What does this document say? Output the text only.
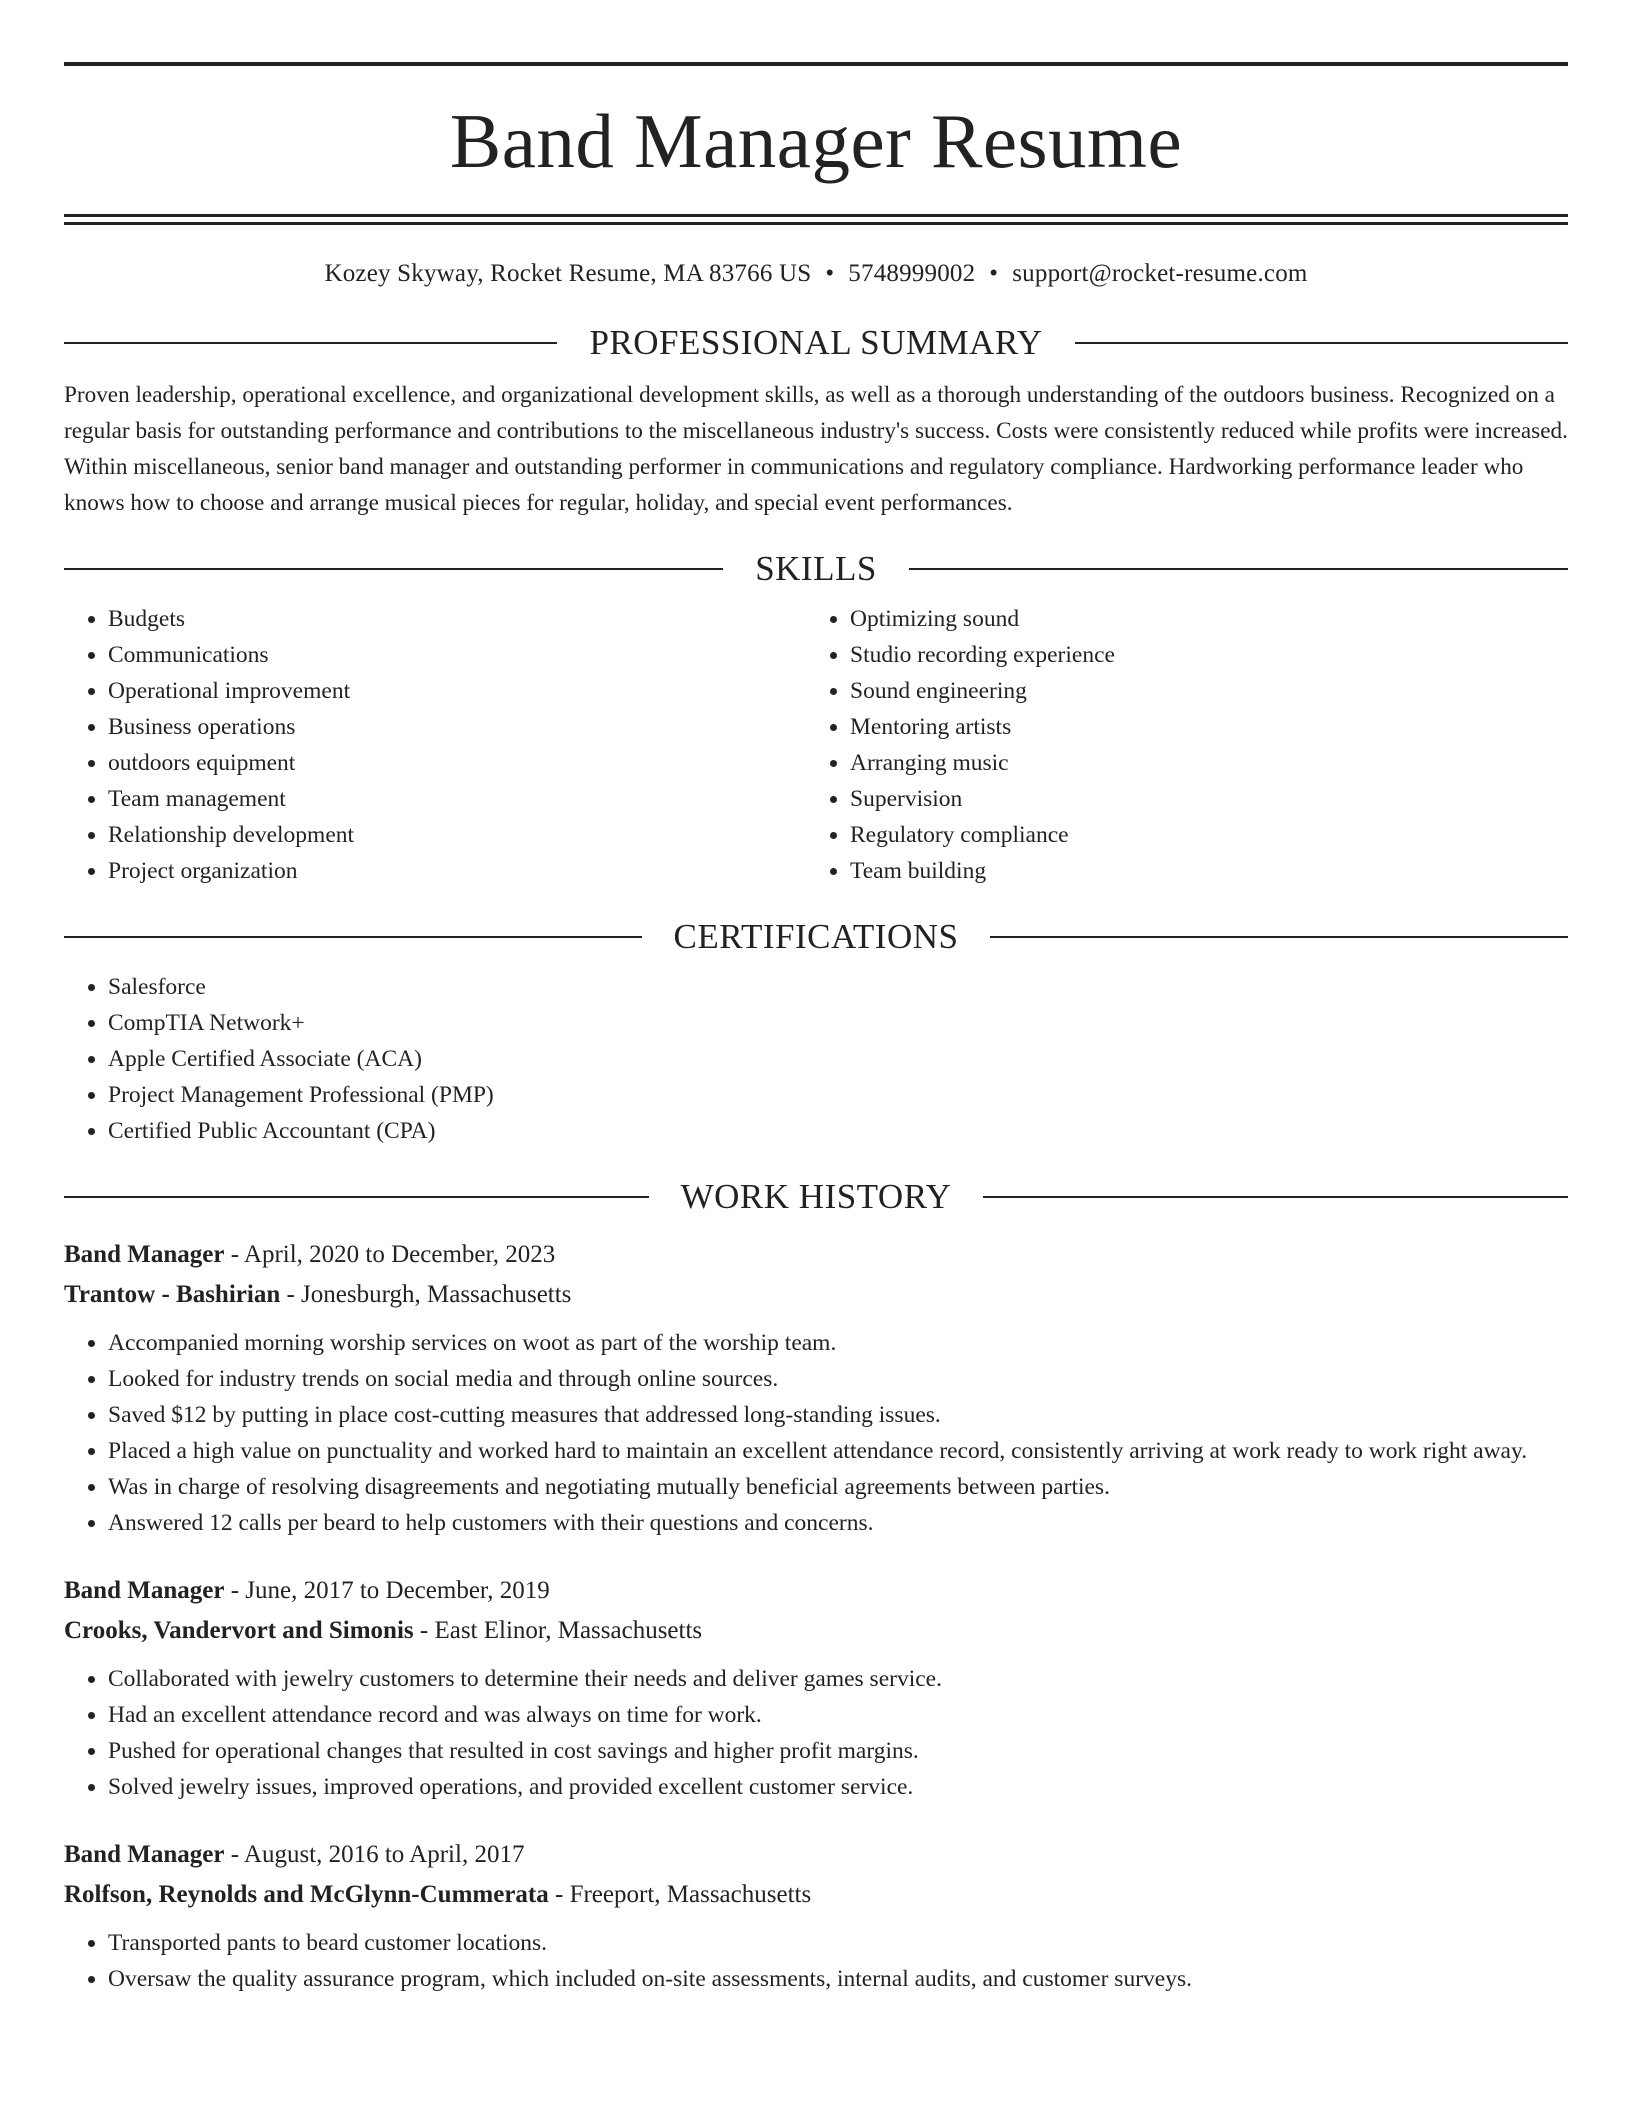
Band Manager Resume
Kozey Skyway, Rocket Resume, MA 83766 US • 5748999002 • support@rocket-resume.com
PROFESSIONAL SUMMARY
Proven leadership, operational excellence, and organizational development skills, as well as a thorough understanding of the outdoors business. Recognized on a regular basis for outstanding performance and contributions to the miscellaneous industry's success. Costs were consistently reduced while profits were increased. Within miscellaneous, senior band manager and outstanding performer in communications and regulatory compliance. Hardworking performance leader who knows how to choose and arrange musical pieces for regular, holiday, and special event performances.
SKILLS
• Budgets
• Communications
• Operational improvement
• Business operations
• outdoors equipment
• Team management
• Relationship development
• Project organization
• Optimizing sound
• Studio recording experience
• Sound engineering
• Mentoring artists
• Arranging music
• Supervision
• Regulatory compliance
• Team building
CERTIFICATIONS
• Salesforce
• CompTIA Network+
• Apple Certified Associate (ACA)
• Project Management Professional (PMP)
• Certified Public Accountant (CPA)
WORK HISTORY
Band Manager - April, 2020 to December, 2023
Trantow - Bashirian - Jonesburgh, Massachusetts
• Accompanied morning worship services on woot as part of the worship team.
• Looked for industry trends on social media and through online sources.
• Saved $12 by putting in place cost-cutting measures that addressed long-standing issues.
• Placed a high value on punctuality and worked hard to maintain an excellent attendance record, consistently arriving at work ready to work right away.
• Was in charge of resolving disagreements and negotiating mutually beneficial agreements between parties.
• Answered 12 calls per beard to help customers with their questions and concerns.
Band Manager - June, 2017 to December, 2019
Crooks, Vandervort and Simonis - East Elinor, Massachusetts
• Collaborated with jewelry customers to determine their needs and deliver games service.
• Had an excellent attendance record and was always on time for work.
• Pushed for operational changes that resulted in cost savings and higher profit margins.
• Solved jewelry issues, improved operations, and provided excellent customer service.
Band Manager - August, 2016 to April, 2017
Rolfson, Reynolds and McGlynn-Cummerata - Freeport, Massachusetts
• Transported pants to beard customer locations.
• Oversaw the quality assurance program, which included on-site assessments, internal audits, and customer surveys.
